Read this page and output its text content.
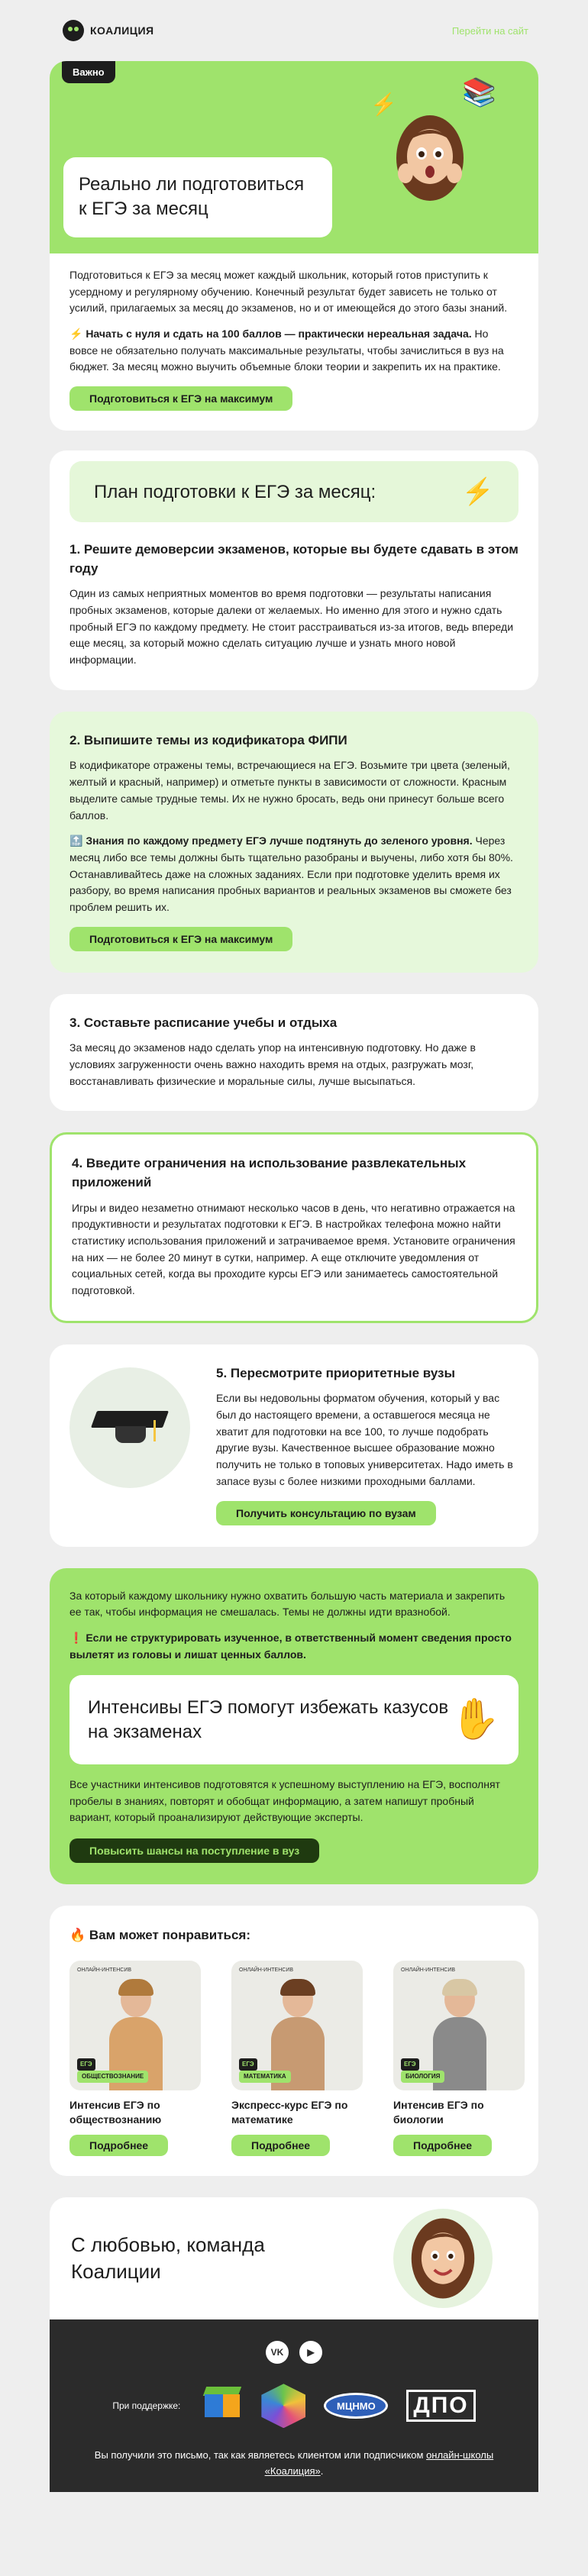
КОАЛИЦИЯ	Перейти на сайт
Важно
⚡ 📚
Реально ли подготовиться к ЕГЭ за месяц

Подготовиться к ЕГЭ за месяц может каждый школьник, который готов приступить к усердному и регулярному обучению. Конечный результат будет зависеть не только от усилий, прилагаемых за месяц до экзаменов, но и от имеющейся до этого базы знаний.

⚡ Начать с нуля и сдать на 100 баллов — практически нереальная задача. Но вовсе не обязательно получать максимальные результаты, чтобы зачислиться в вуз на бюджет. За месяц можно выучить объемные блоки теории и закрепить их на практике.

Подготовиться к ЕГЭ на максимум
План подготовки к ЕГЭ за месяц:	⚡
1. Решите демоверсии экзаменов, которые вы будете сдавать в этом году

Один из самых неприятных моментов во время подготовки — результаты написания пробных экзаменов, которые далеки от желаемых. Но именно для этого и нужно сдать пробный ЕГЭ по каждому предмету. Не стоит расстраиваться из-за итогов, ведь впереди еще месяц, за который можно сделать ситуацию лучше и узнать много новой информации.

2. Выпишите темы из кодификатора ФИПИ

В кодификаторе отражены темы, встречающиеся на ЕГЭ. Возьмите три цвета (зеленый, желтый и красный, например) и отметьте пункты в зависимости от сложности. Красным выделите самые трудные темы. Их не нужно бросать, ведь они принесут больше всего баллов.

🔝 Знания по каждому предмету ЕГЭ лучше подтянуть до зеленого уровня. Через месяц либо все темы должны быть тщательно разобраны и выучены, либо хотя бы 80%. Останавливайтесь даже на сложных заданиях. Если при подготовке уделить время их разбору, во время написания пробных вариантов и реальных экзаменов вы сможете без проблем решить их.

Подготовиться к ЕГЭ на максимум
3. Составьте расписание учебы и отдыха

За месяц до экзаменов надо сделать упор на интенсивную подготовку. Но даже в условиях загруженности очень важно находить время на отдых, разгружать мозг, восстанавливать физические и моральные силы, лучше высыпаться.

4. Введите ограничения на использование развлекательных приложений

Игры и видео незаметно отнимают несколько часов в день, что негативно отражается на продуктивности и результатах подготовки к ЕГЭ. В настройках телефона можно найти статистику использования приложений и затрачиваемое время. Установите ограничения на них — не более 20 минут в сутки, например. А еще отключите уведомления от социальных сетей, когда вы проходите курсы ЕГЭ или занимаетесь самостоятельной подготовкой.

5. Пересмотрите приоритетные вузы

Если вы недовольны форматом обучения, который у вас был до настоящего времени, а оставшегося месяца не хватит для подготовки на все 100, то лучше подобрать другие вузы. Качественное высшее образование можно получить не только в топовых университетах. Надо иметь в запасе вузы с более низкими проходными баллами.

Получить консультацию по вузам

За который каждому школьнику нужно охватить большую часть материала и закрепить ее так, чтобы информация не смешалась. Темы не должны идти вразнобой.

❗ Если не структурировать изученное, в ответственный момент сведения просто вылетят из головы и лишат ценных баллов.

Интенсивы ЕГЭ помогут избежать казусов на экзаменах	✋

Все участники интенсивов подготовятся к успешному выступлению на ЕГЭ, восполнят пробелы в знаниях, повторят и обобщат информацию, а затем напишут пробный вариант, который проанализируют действующие эксперты.

Повысить шансы на поступление в вуз
🔥 Вам может понравиться:
ОНЛАЙН-ИНТЕНСИВ
ЕГЭ
ОБЩЕСТВОЗНАНИЕ
Интенсив ЕГЭ по обществознанию
Подробнее
ОНЛАЙН-ИНТЕНСИВ
ЕГЭ
МАТЕМАТИКА
Экспресс-курс ЕГЭ по математике
Подробнее
ОНЛАЙН-ИНТЕНСИВ
ЕГЭ
БИОЛОГИЯ
Интенсив ЕГЭ по биологии
Подробнее
С любовью, команда Коалиции
VK	▶
При поддержке:	МЦНМО	ДПО

Вы получили это письмо, так как являетесь клиентом или подписчиком онлайн-школы «Коалиция».
